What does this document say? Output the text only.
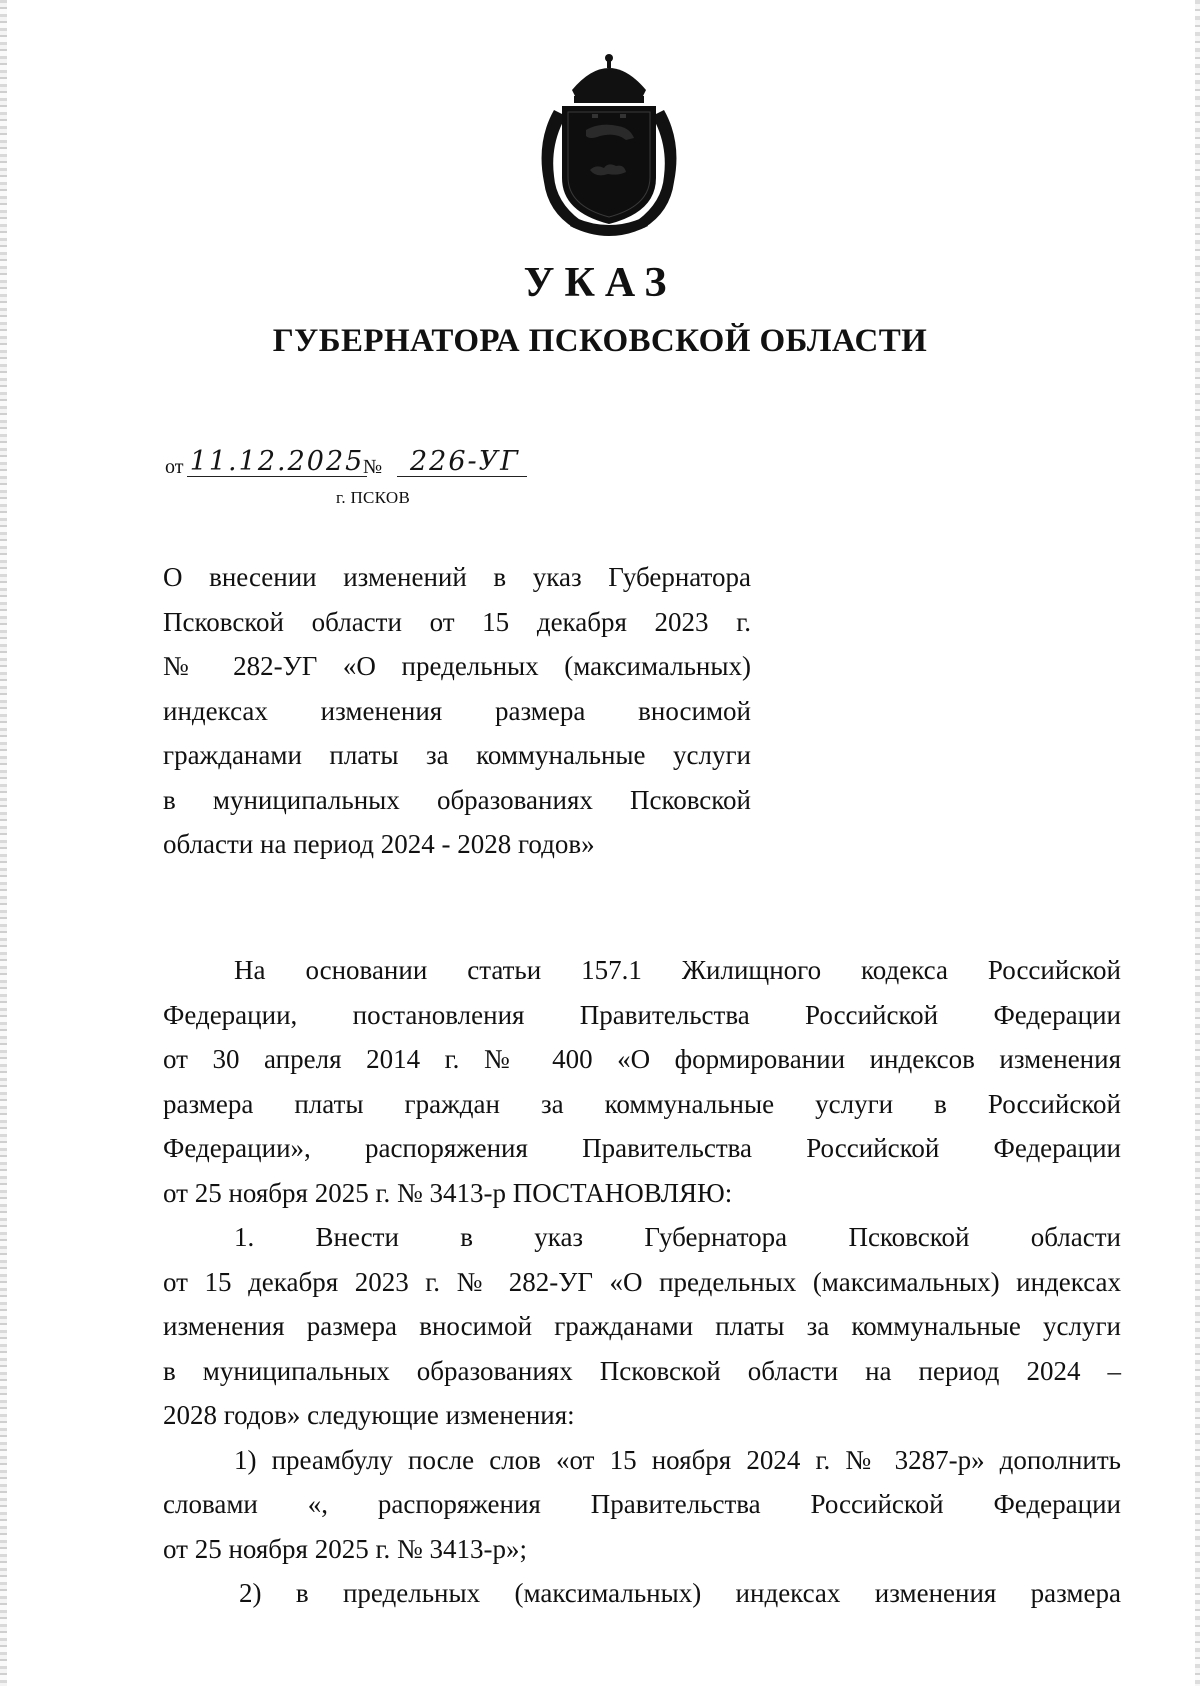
УКАЗ
ГУБЕРНАТОРА ПСКОВСКОЙ ОБЛАСТИ
от 11.12.2025
№ 226-УГ
г. ПСКОВ

О внесении изменений в указ Губернатора
Псковской области от 15 декабря 2023 г.
№ 282-УГ «О предельных (максимальных)
индексах изменения размера вносимой
гражданами платы за коммунальные услуги
в муниципальных образованиях Псковской
области на период 2024 - 2028 годов»

На основании статьи 157.1 Жилищного кодекса Российской
Федерации, постановления Правительства Российской Федерации
от 30 апреля 2014 г. № 400 «О формировании индексов изменения
размера платы граждан за коммунальные услуги в Российской
Федерации», распоряжения Правительства Российской Федерации
от 25 ноября 2025 г. № 3413-р ПОСТАНОВЛЯЮ:
1. Внести в указ Губернатора Псковской области
от 15 декабря 2023 г. № 282-УГ «О предельных (максимальных) индексах
изменения размера вносимой гражданами платы за коммунальные услуги
в муниципальных образованиях Псковской области на период 2024 –
2028 годов» следующие изменения:
1) преамбулу после слов «от 15 ноября 2024 г. № 3287-р» дополнить
словами «, распоряжения Правительства Российской Федерации
от 25 ноября 2025 г. № 3413-р»;
2) в предельных (максимальных) индексах изменения размера
